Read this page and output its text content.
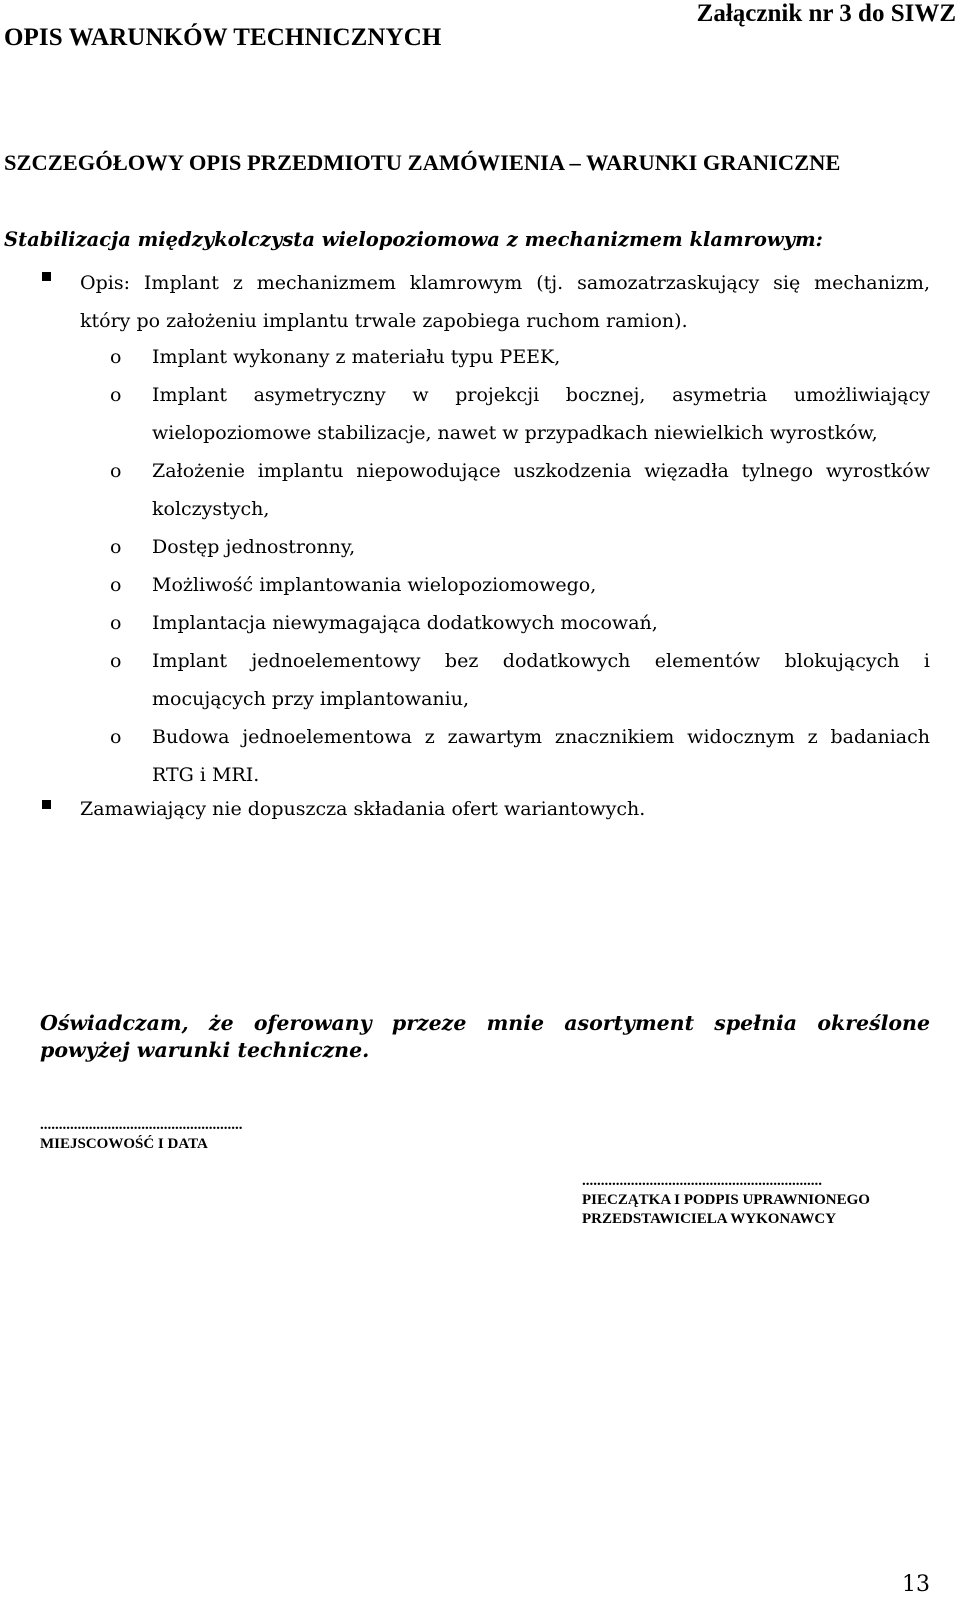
OPIS WARUNKÓW TECHNICZNYCH
Załącznik nr 3 do SIWZ
SZCZEGÓŁOWY OPIS PRZEDMIOTU ZAMÓWIENIA – WARUNKI GRANICZNE
Stabilizacja międzykolczysta wielopoziomowa z mechanizmem klamrowym:
Opis: Implant z mechanizmem klamrowym (tj. samozatrzaskujący się mechanizm,
który po założeniu implantu trwale zapobiega ruchom ramion).
o Implant wykonany z materiału typu PEEK,
o Implant asymetryczny w projekcji bocznej, asymetria umożliwiający wielopoziomowe stabilizacje, nawet w przypadkach niewielkich wyrostków,
o Założenie implantu niepowodujące uszkodzenia więzadła tylnego wyrostków kolczystych,
o Dostęp jednostronny,
o Możliwość implantowania wielopoziomowego,
o Implantacja niewymagająca dodatkowych mocowań,
o Implant jednoelementowy bez dodatkowych elementów blokujących i mocujących przy implantowaniu,
o Budowa jednoelementowa z zawartym znacznikiem widocznym z badaniach RTG i MRI.
Zamawiający nie dopuszcza składania ofert wariantowych.
Oświadczam, że oferowany przeze mnie asortyment spełnia określone powyżej warunki techniczne.
......................................................
MIEJSCOWOŚĆ I DATA
................................................................
PIECZĄTKA I PODPIS UPRAWNIONEGO
PRZEDSTAWICIELA WYKONAWCY
13
